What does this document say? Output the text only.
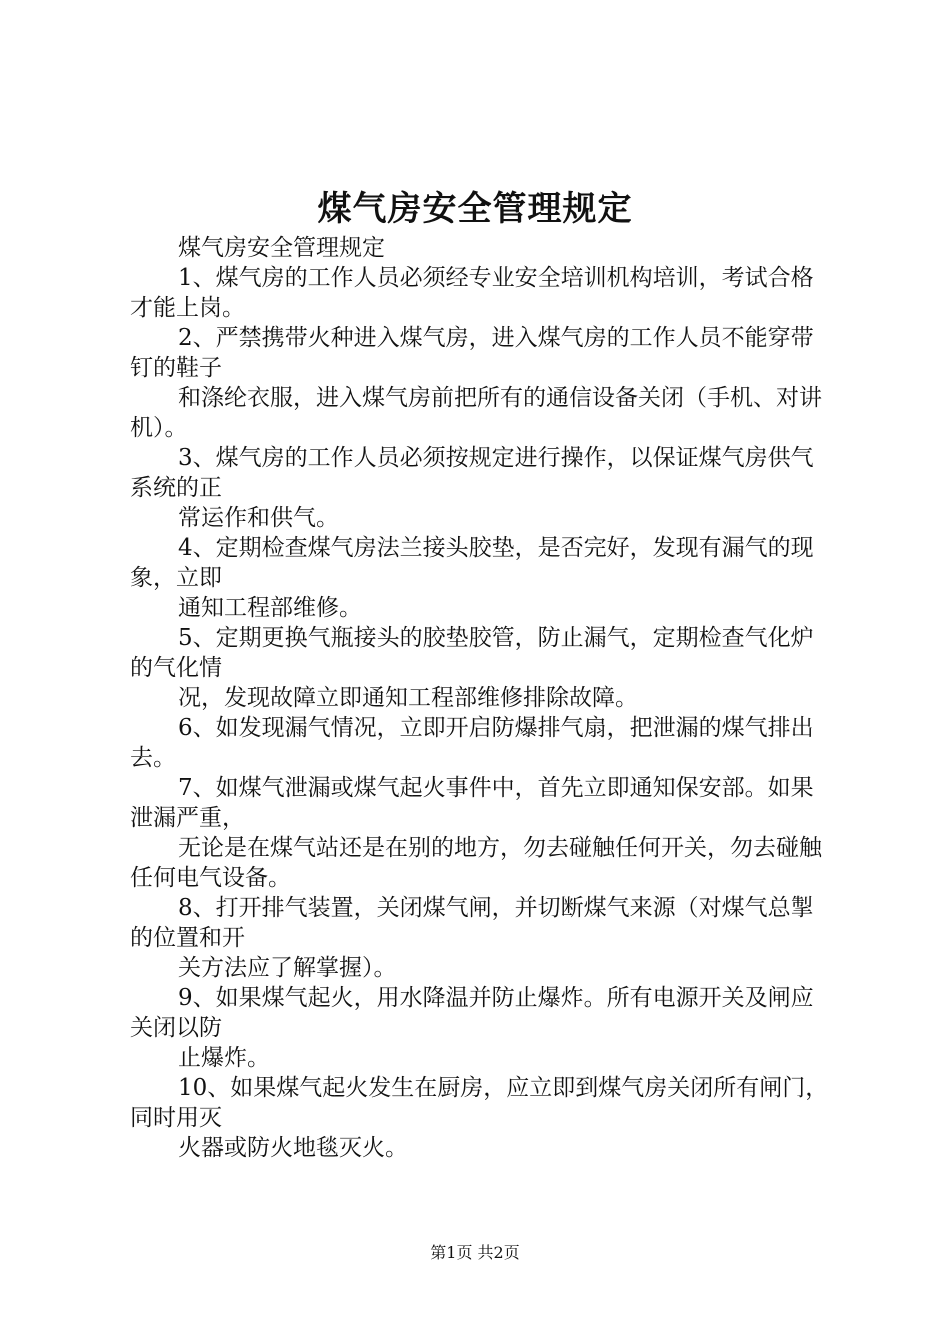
煤气房安全管理规定

煤气房安全管理规定

1、煤气房的工作人员必须经专业安全培训机构培训，考试合格才能上岗。

2、严禁携带火种进入煤气房，进入煤气房的工作人员不能穿带钉的鞋子

和涤纶衣服，进入煤气房前把所有的通信设备关闭（手机、对讲机）。

3、煤气房的工作人员必须按规定进行操作，以保证煤气房供气系统的正

常运作和供气。

4、定期检查煤气房法兰接头胶垫，是否完好，发现有漏气的现象，立即

通知工程部维修。

5、定期更换气瓶接头的胶垫胶管，防止漏气，定期检查气化炉的气化情

况，发现故障立即通知工程部维修排除故障。

6、如发现漏气情况，立即开启防爆排气扇，把泄漏的煤气排出去。

7、如煤气泄漏或煤气起火事件中，首先立即通知保安部。如果泄漏严重，

无论是在煤气站还是在别的地方，勿去碰触任何开关，勿去碰触任何电气设备。

8、打开排气装置，关闭煤气闸，并切断煤气来源（对煤气总掣的位置和开

关方法应了解掌握）。

9、如果煤气起火，用水降温并防止爆炸。所有电源开关及闸应关闭以防

止爆炸。

10、如果煤气起火发生在厨房，应立即到煤气房关闭所有闸门，同时用灭

火器或防火地毯灭火。

第1页 共2页
